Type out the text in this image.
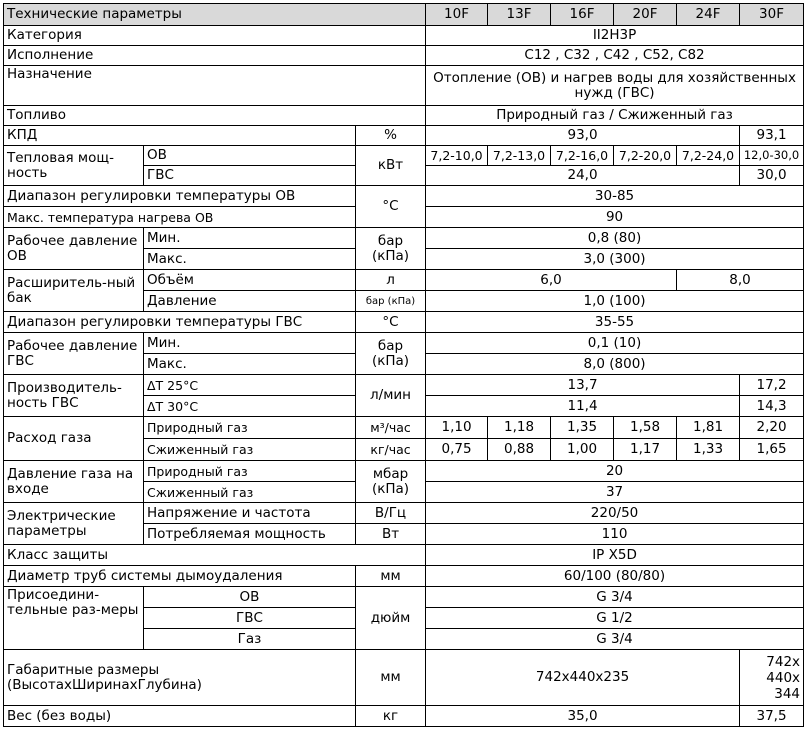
Технические параметры			10F	13F	16F	20F	24F	30F
Категория			II2H3P					
Исполнение			C12 , C32 , C42 , C52, C82					
Назначение			Отопление (ОВ) и нагрев воды для хозяйственных нужд (ГВС)					
Топливо			Природный газ / Сжиженный газ					
КПД		%	93,0					93,1
Тепловая мощ-ность	ОВ	кВт	7,2-10,0	7,2-13,0	7,2-16,0	7,2-20,0	7,2-24,0	12,0-30,0
	ГВС		24,0					30,0
Диапазон регулировки температуры ОВ		°С	30-85					
Макс. температура нагрева ОВ			90					
Рабочее давление ОВ	Мин.	бар (кПа)	0,8 (80)					
	Макс.		3,0 (300)					
Расширитель-ный бак	Объём	л	6,0				8,0	
	Давление	бар (кПа)	1,0 (100)					
Диапазон регулировки температуры ГВС		°С	35-55					
Рабочее давление ГВС	Мин.	бар (кПа)	0,1 (10)					
	Макс.		8,0 (800)					
Производитель-ность ГВС	ΔT 25°С	л/мин	13,7					17,2
	ΔT 30°С		11,4					14,3
Расход газа	Природный газ	м³/час	1,10	1,18	1,35	1,58	1,81	2,20
	Сжиженный газ	кг/час	0,75	0,88	1,00	1,17	1,33	1,65
Давление газа на входе	Природный газ	мбар (кПа)	20					
	Сжиженный газ		37					
Электрические параметры	Напряжение и частота	В/Гц	220/50					
	Потребляемая мощность	Вт	110					
Класс защиты			IP X5D					
Диаметр труб системы дымоудаления		мм	60/100 (80/80)					
Присоедини-тельные раз-меры	ОВ	дюйм	G 3/4					
	ГВС		G 1/2					
	Газ		G 3/4					
Габаритные размеры (ВысотахШиринахГлубина)		мм	742x440x235					742x 440x 344
Вес (без воды)		кг	35,0					37,5
